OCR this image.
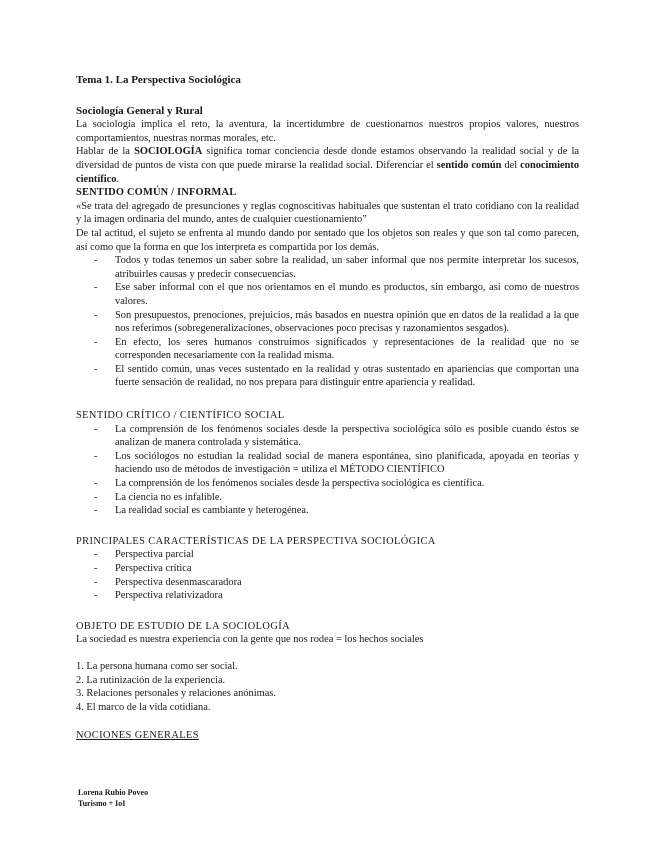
Tema 1. La Perspectiva Sociológica

Sociología General y Rural

La sociología implica el reto, la aventura, la incertidumbre de cuestionarnos nuestros propios valores, nuestros comportamientos, nuestras normas morales, etc.

Hablar de la SOCIOLOGÍA significa tomar conciencia desde donde estamos observando la realidad social y de la diversidad de puntos de vista con que puede mirarse la realidad social. Diferenciar el sentido común del conocimiento científico.

SENTIDO COMÚN / INFORMAL

«Se trata del agregado de presunciones y reglas cognoscitivas habituales que sustentan el trato cotidiano con la realidad y la imagen ordinaria del mundo, antes de cualquier cuestionamiento”

De tal actitud, el sujeto se enfrenta al mundo dando por sentado que los objetos son reales y que son tal como parecen, así como que la forma en que los interpreta es compartida por los demás.

- Todos y todas tenemos un saber sobre la realidad, un saber informal que nos permite interpretar los sucesos, atribuirles causas y predecir consecuencias.
- Ese saber informal con el que nos orientamos en el mundo es productos, sin embargo, así como de nuestros valores.
- Son presupuestos, prenociones, prejuicios, más basados en nuestra opinión que en datos de la realidad a la que nos referimos (sobregeneralizaciones, observaciones poco precisas y razonamientos sesgados).
- En efecto, los seres humanos construimos significados y representaciones de la realidad que no se corresponden necesariamente con la realidad misma.
- El sentido común, unas veces sustentado en la realidad y otras sustentado en apariencias que comportan una fuerte sensación de realidad, no nos prepara para distinguir entre apariencia y realidad.

SENTIDO CRÍTICO / CIENTÍFICO SOCIAL

- La comprensión de los fenómenos sociales desde la perspectiva sociológica sólo es posible cuando éstos se analizan de manera controlada y sistemática.
- Los sociólogos no estudian la realidad social de manera espontánea, sino planificada, apoyada en teorías y haciendo uso de métodos de investigación = utiliza el MÉTODO CIENTÍFICO
- La comprensión de los fenómenos sociales desde la perspectiva sociológica es científica.
- La ciencia no es infalible.
- La realidad social es cambiante y heterogénea.

PRINCIPALES CARACTERÍSTICAS DE LA PERSPECTIVA SOCIOLÓGICA

- Perspectiva parcial
- Perspectiva crítica
- Perspectiva desenmascaradora
- Perspectiva relativizadora

OBJETO DE ESTUDIO DE LA SOCIOLOGÍA

La sociedad es nuestra experiencia con la gente que nos rodea = los hechos sociales

1. La persona humana como ser social.
2. La rutinización de la experiencia.
3. Relaciones personales y relaciones anónimas.
4. El marco de la vida cotidiana.

NOCIONES GENERALES

Lorena Rubio Poveo
Turismo + IoI
